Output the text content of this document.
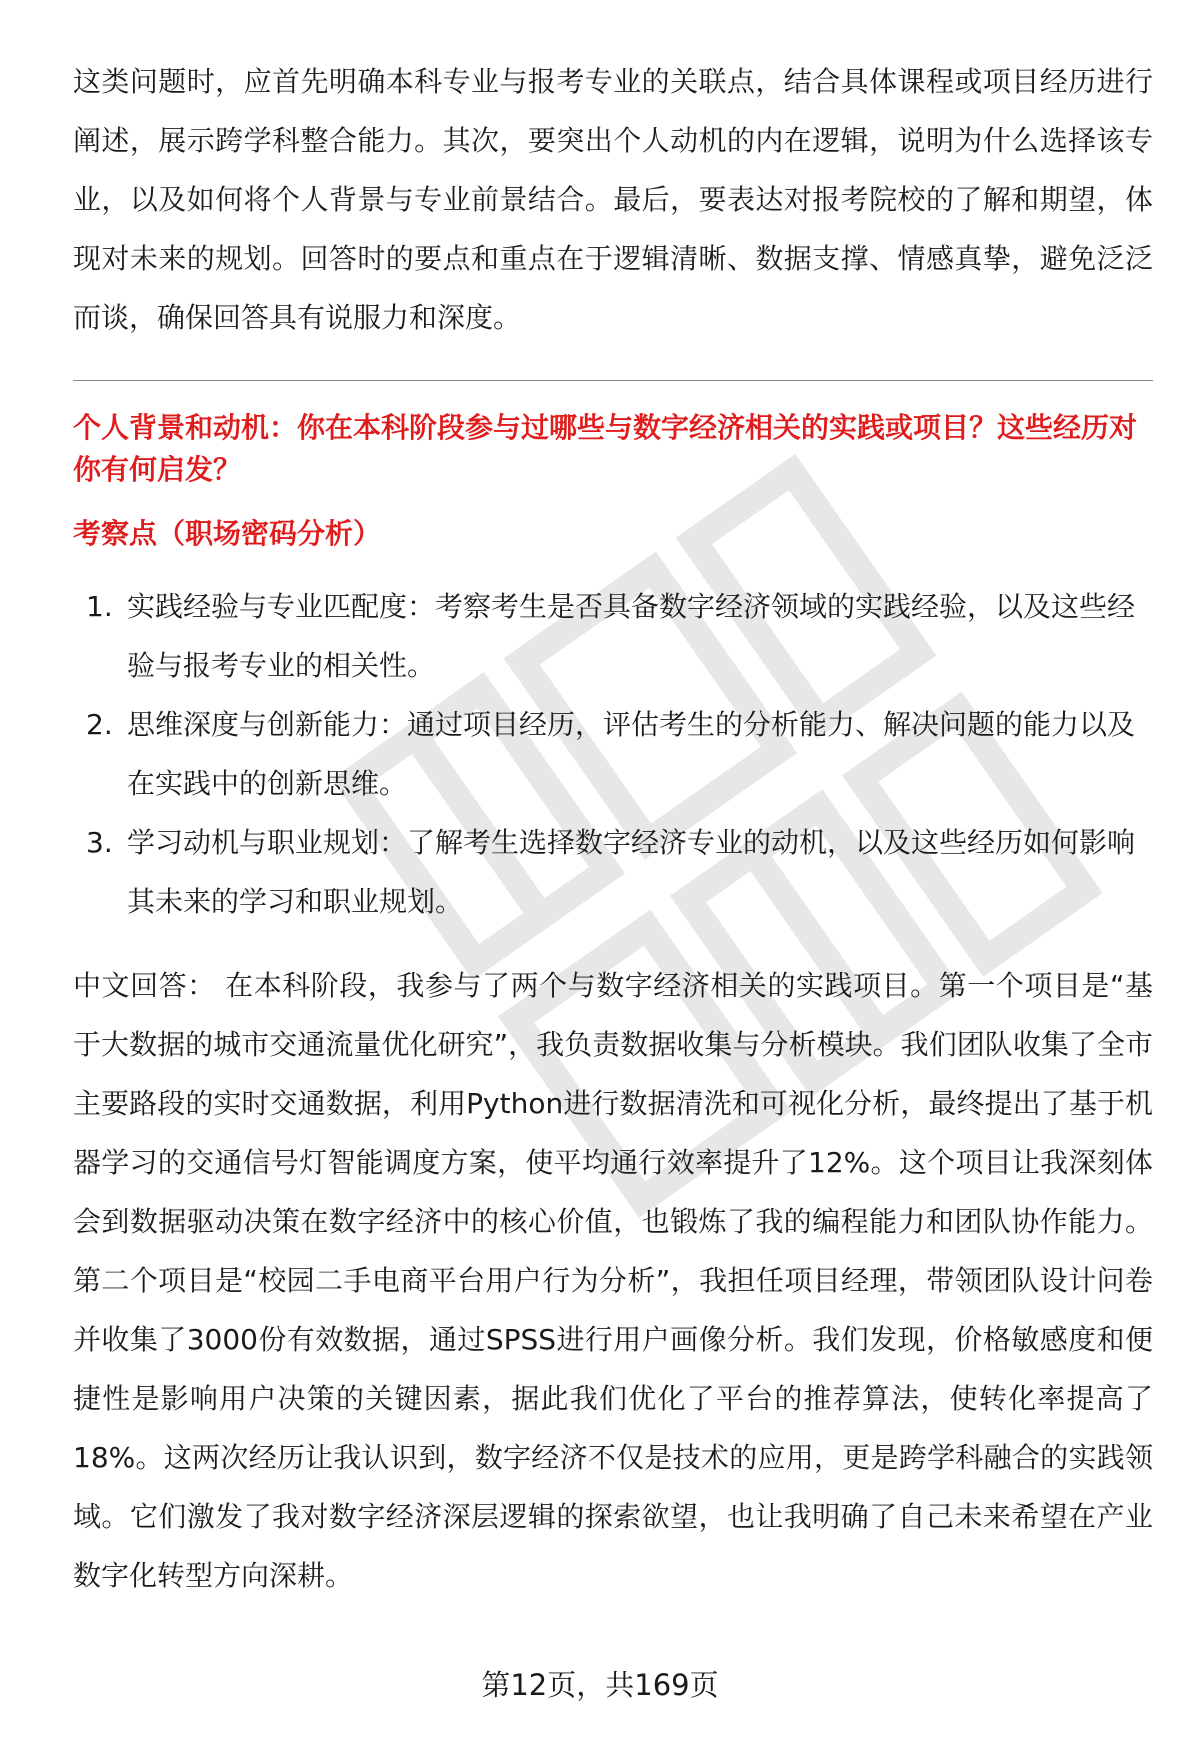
这类问题时，应首先明确本科专业与报考专业的关联点，结合具体课程或项目经历进行阐述，展示跨学科整合能力。其次，要突出个人动机的内在逻辑，说明为什么选择该专业，以及如何将个人背景与专业前景结合。最后，要表达对报考院校的了解和期望，体现对未来的规划。回答时的要点和重点在于逻辑清晰、数据支撑、情感真挚，避免泛泛而谈，确保回答具有说服力和深度。

个人背景和动机：你在本科阶段参与过哪些与数字经济相关的实践或项目？这些经历对你有何启发？
考察点（职场密码分析）
1. 实践经验与专业匹配度：考察考生是否具备数字经济领域的实践经验，以及这些经验与报考专业的相关性。
2. 思维深度与创新能力：通过项目经历，评估考生的分析能力、解决问题的能力以及在实践中的创新思维。
3. 学习动机与职业规划：了解考生选择数字经济专业的动机，以及这些经历如何影响其未来的学习和职业规划。

中文回答： 在本科阶段，我参与了两个与数字经济相关的实践项目。第一个项目是“基于大数据的城市交通流量优化研究”，我负责数据收集与分析模块。我们团队收集了全市主要路段的实时交通数据，利用Python进行数据清洗和可视化分析，最终提出了基于机器学习的交通信号灯智能调度方案，使平均通行效率提升了12%。这个项目让我深刻体会到数据驱动决策在数字经济中的核心价值，也锻炼了我的编程能力和团队协作能力。第二个项目是“校园二手电商平台用户行为分析”，我担任项目经理，带领团队设计问卷并收集了3000份有效数据，通过SPSS进行用户画像分析。我们发现，价格敏感度和便捷性是影响用户决策的关键因素，据此我们优化了平台的推荐算法，使转化率提高了18%。这两次经历让我认识到，数字经济不仅是技术的应用，更是跨学科融合的实践领域。它们激发了我对数字经济深层逻辑的探索欲望，也让我明确了自己未来希望在产业数字化转型方向深耕。

第12页，共169页
